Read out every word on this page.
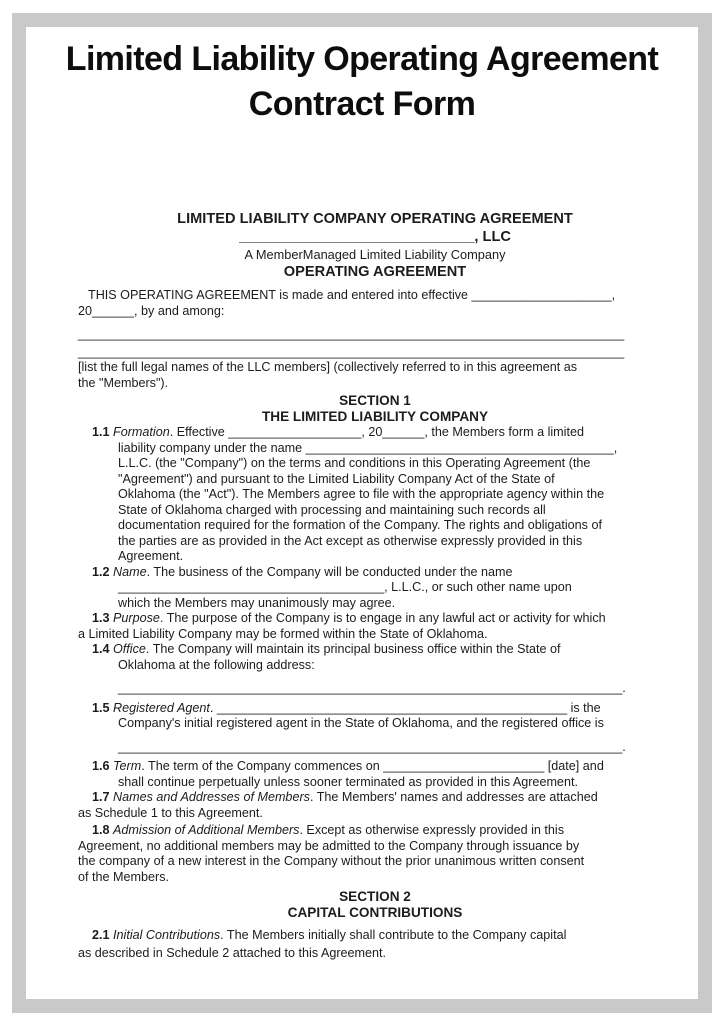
Limited Liability Operating Agreement
Contract Form
LIMITED LIABILITY COMPANY OPERATING AGREEMENT
_____________________________, LLC
A MemberManaged Limited Liability Company
OPERATING AGREEMENT
THIS OPERATING AGREEMENT is made and entered into effective ____________________,
20______, by and among:
______________________________________________________________________________
______________________________________________________________________________
[list the full legal names of the LLC members] (collectively referred to in this agreement as
the "Members").
SECTION 1
THE LIMITED LIABILITY COMPANY
1.1 Formation. Effective ___________________, 20______, the Members form a limited
liability company under the name ____________________________________________,
L.L.C. (the "Company") on the terms and conditions in this Operating Agreement (the
"Agreement") and pursuant to the Limited Liability Company Act of the State of
Oklahoma (the "Act"). The Members agree to file with the appropriate agency within the
State of Oklahoma charged with processing and maintaining such records all
documentation required for the formation of the Company. The rights and obligations of
the parties are as provided in the Act except as otherwise expressly provided in this
Agreement.
1.2 Name. The business of the Company will be conducted under the name
______________________________________, L.L.C., or such other name upon
which the Members may unanimously may agree.
1.3 Purpose. The purpose of the Company is to engage in any lawful act or activity for which
a Limited Liability Company may be formed within the State of Oklahoma.
1.4 Office. The Company will maintain its principal business office within the State of
Oklahoma at the following address:
________________________________________________________________________.
1.5 Registered Agent. __________________________________________________ is the
Company's initial registered agent in the State of Oklahoma, and the registered office is
________________________________________________________________________.
1.6 Term. The term of the Company commences on _______________________ [date] and
shall continue perpetually unless sooner terminated as provided in this Agreement.
1.7 Names and Addresses of Members. The Members' names and addresses are attached
as Schedule 1 to this Agreement.
1.8 Admission of Additional Members. Except as otherwise expressly provided in this
Agreement, no additional members may be admitted to the Company through issuance by
the company of a new interest in the Company without the prior unanimous written consent
of the Members.
SECTION 2
CAPITAL CONTRIBUTIONS
2.1 Initial Contributions. The Members initially shall contribute to the Company capital
as described in Schedule 2 attached to this Agreement.
